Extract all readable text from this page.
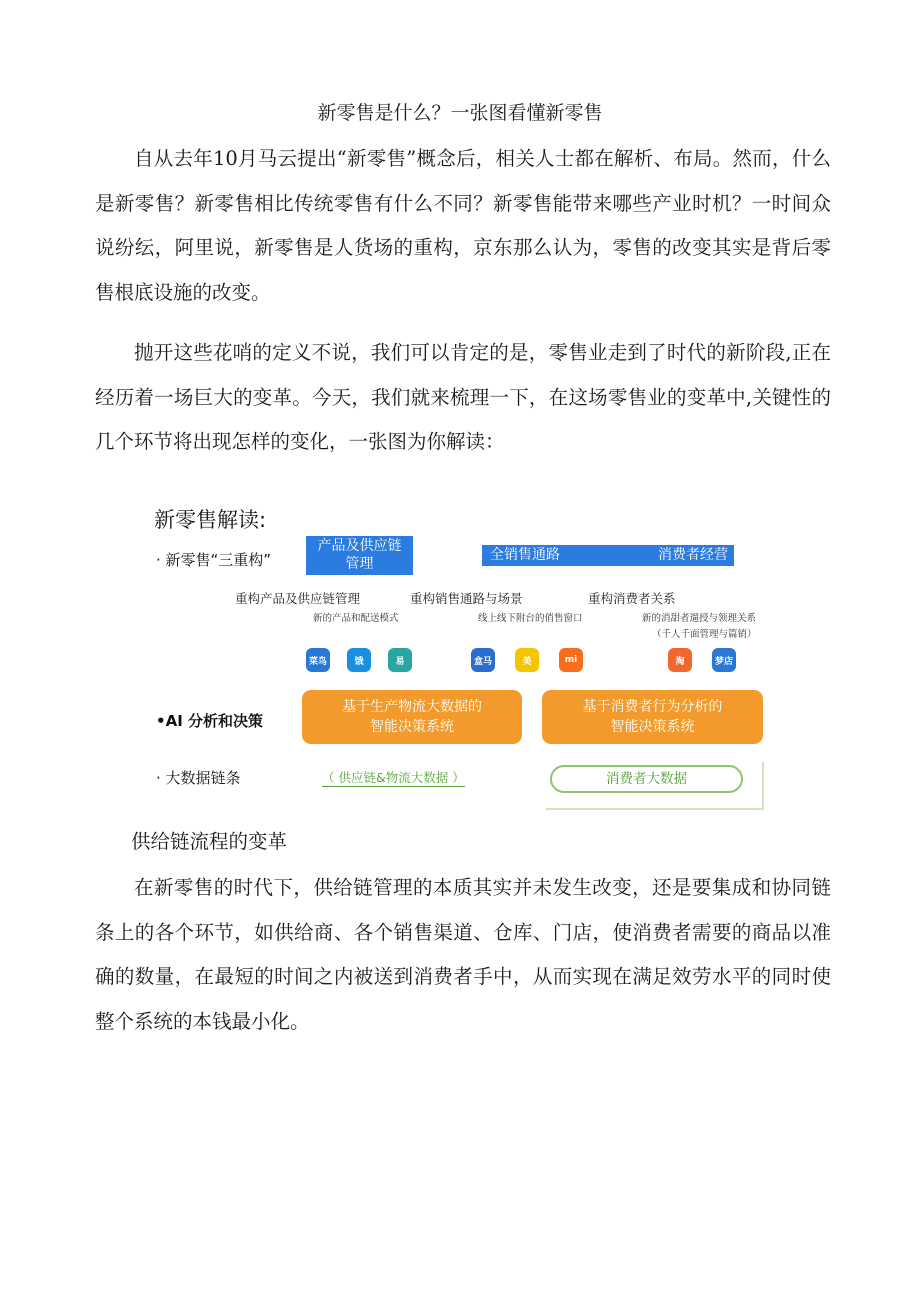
新零售是什么？一张图看懂新零售

自从去年10月马云提出“新零售”概念后，相关人士都在解析、布局。然而，什么是新零售？新零售相比传统零售有什么不同？新零售能带来哪些产业时机？一时间众说纷纭，阿里说，新零售是人货场的重构，京东那么认为，零售的改变其实是背后零售根底设施的改变。

抛开这些花哨的定义不说，我们可以肯定的是，零售业走到了时代的新阶段,正在经历着一场巨大的变革。今天，我们就来梳理一下，在这场零售业的变革中,关键性的几个环节将出现怎样的变化，一张图为你解读：

新零售解读:
· 新零售“三重构”
产品及供应链
管理
全销售通路	消费者经营
重构产品及供应链管理
新的产品和配送模式
重构销售通路与场景
线上线下附台的俏售窗口
重构消费者关系
新的消甜者遛授与领理关系
（千人千面管理与篇销）
菜鸟	饿	易	盒马	美	mi	淘	梦店
•AI 分析和决策
基于生产物流大数据的
智能决策系统
基于消费者行为分析的
智能决策系统
· 大数据链条	（ 供应链&物流大数据 ）	消费者大数据
供给链流程的变革

在新零售的时代下，供给链管理的本质其实并未发生改变，还是要集成和协同链条上的各个环节，如供给商、各个销售渠道、仓库、门店，使消费者需要的商品以准确的数量，在最短的时间之内被送到消费者手中，从而实现在满足效劳水平的同时使整个系统的本钱最小化。
